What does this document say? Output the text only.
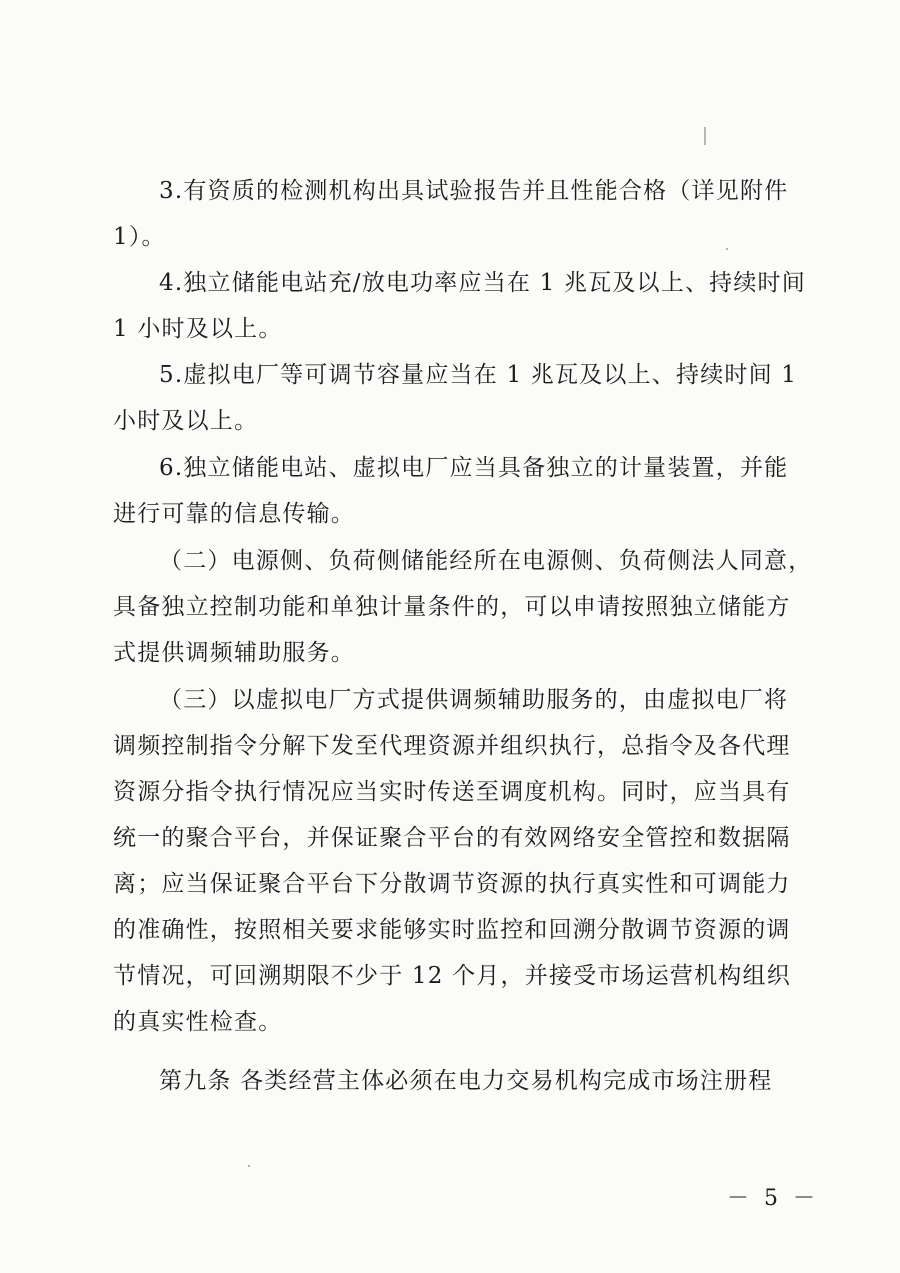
3.有资质的检测机构出具试验报告并且性能合格（详见附件
1）。
4.独立储能电站充/放电功率应当在 1 兆瓦及以上、持续时间
1 小时及以上。
5.虚拟电厂等可调节容量应当在 1 兆瓦及以上、持续时间 1
小时及以上。
6.独立储能电站、虚拟电厂应当具备独立的计量装置，并能
进行可靠的信息传输。
（二）电源侧、负荷侧储能经所在电源侧、负荷侧法人同意，
具备独立控制功能和单独计量条件的，可以申请按照独立储能方
式提供调频辅助服务。
（三）以虚拟电厂方式提供调频辅助服务的，由虚拟电厂将
调频控制指令分解下发至代理资源并组织执行，总指令及各代理
资源分指令执行情况应当实时传送至调度机构。同时，应当具有
统一的聚合平台，并保证聚合平台的有效网络安全管控和数据隔
离；应当保证聚合平台下分散调节资源的执行真实性和可调能力
的准确性，按照相关要求能够实时监控和回溯分散调节资源的调
节情况，可回溯期限不少于 12 个月，并接受市场运营机构组织
的真实性检查。
第九条 各类经营主体必须在电力交易机构完成市场注册程
－ 5 －
